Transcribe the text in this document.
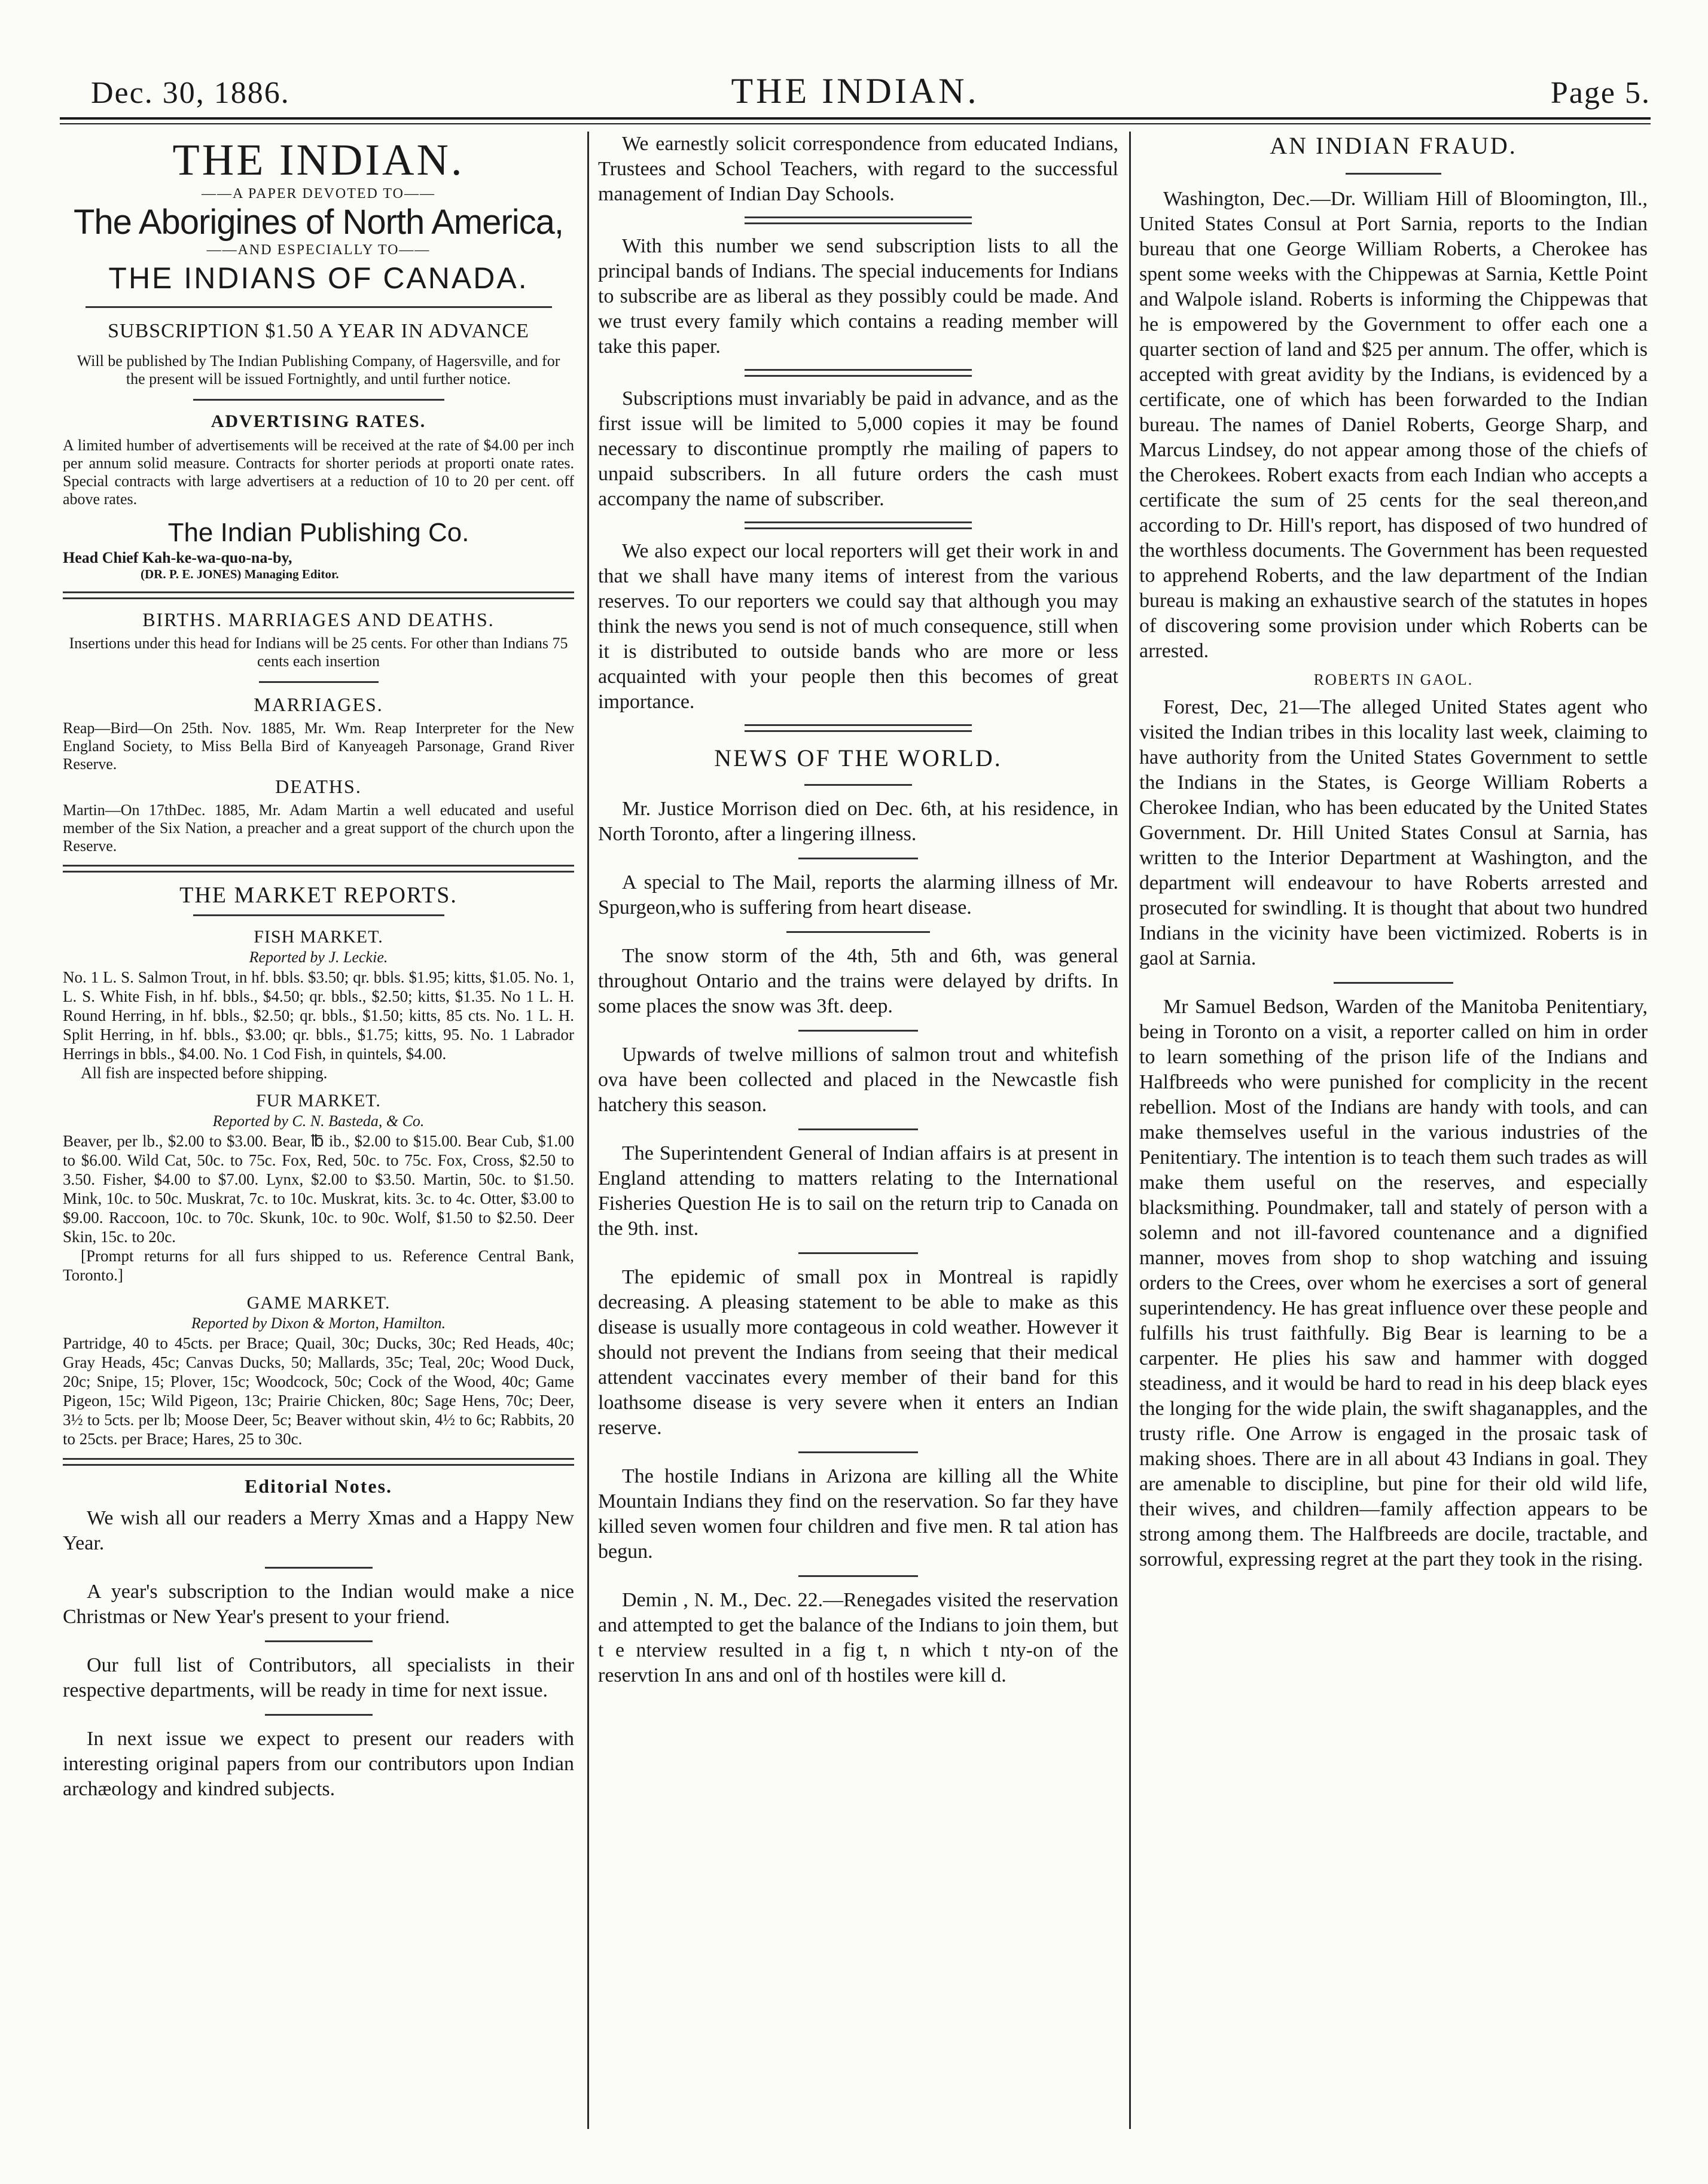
Dec. 30, 1886.	THE INDIAN.	Page 5.
THE INDIAN.
——A PAPER DEVOTED TO——
The Aborigines of North America,
——AND ESPECIALLY TO——
THE INDIANS OF CANADA.
SUBSCRIPTION $1.50 A YEAR IN ADVANCE

Will be published by The Indian Publishing Company, of Hagersville, and for the present will be issued Fortnightly, and until further notice.

ADVERTISING RATES.

A limited humber of advertisements will be received at the rate of $4.00 per inch per annum solid measure. Contracts for shorter periods at proporti onate rates. Special contracts with large advertisers at a reduction of 10 to 20 per cent. off above rates.

The Indian Publishing Co.
Head Chief Kah-ke-wa-quo-na-by,
(DR. P. E. JONES) Managing Editor.
BIRTHS. MARRIAGES AND DEATHS.

Insertions under this head for Indians will be 25 cents. For other than Indians 75 cents each insertion

MARRIAGES.

Reap—Bird—On 25th. Nov. 1885, Mr. Wm. Reap Interpreter for the New England Society, to Miss Bella Bird of Kanyeageh Parsonage, Grand River Reserve.

DEATHS.

Martin—On 17thDec. 1885, Mr. Adam Martin a well educated and useful member of the Six Nation, a preacher and a great support of the church upon the Reserve.

THE MARKET REPORTS.
FISH MARKET.
Reported by J. Leckie.

No. 1 L. S. Salmon Trout, in hf. bbls. $3.50; qr. bbls. $1.95; kitts, $1.05. No. 1, L. S. White Fish, in hf. bbls., $4.50; qr. bbls., $2.50; kitts, $1.35. No 1 L. H. Round Herring, in hf. bbls., $2.50; qr. bbls., $1.50; kitts, 85 cts. No. 1 L. H. Split Herring, in hf. bbls., $3.00; qr. bbls., $1.75; kitts, 95. No. 1 Labrador Herrings in bbls., $4.00. No. 1 Cod Fish, in quintels, $4.00.

All fish are inspected before shipping.

FUR MARKET.
Reported by C. N. Basteda, & Co.

Beaver, per lb., $2.00 to $3.00. Bear, ℔ ib., $2.00 to $15.00. Bear Cub, $1.00 to $6.00. Wild Cat, 50c. to 75c. Fox, Red, 50c. to 75c. Fox, Cross, $2.50 to 3.50. Fisher, $4.00 to $7.00. Lynx, $2.00 to $3.50. Martin, 50c. to $1.50. Mink, 10c. to 50c. Muskrat, 7c. to 10c. Muskrat, kits. 3c. to 4c. Otter, $3.00 to $9.00. Raccoon, 10c. to 70c. Skunk, 10c. to 90c. Wolf, $1.50 to $2.50. Deer Skin, 15c. to 20c.

[Prompt returns for all furs shipped to us. Reference Central Bank, Toronto.]

GAME MARKET.
Reported by Dixon & Morton, Hamilton.

Partridge, 40 to 45cts. per Brace; Quail, 30c; Ducks, 30c; Red Heads, 40c; Gray Heads, 45c; Canvas Ducks, 50; Mallards, 35c; Teal, 20c; Wood Duck, 20c; Snipe, 15; Plover, 15c; Woodcock, 50c; Cock of the Wood, 40c; Game Pigeon, 15c; Wild Pigeon, 13c; Prairie Chicken, 80c; Sage Hens, 70c; Deer, 3½ to 5cts. per lb; Moose Deer, 5c; Beaver without skin, 4½ to 6c; Rabbits, 20 to 25cts. per Brace; Hares, 25 to 30c.

Editorial Notes.

We wish all our readers a Merry Xmas and a Happy New Year.

A year's subscription to the Indian would make a nice Christmas or New Year's present to your friend.

Our full list of Contributors, all specialists in their respective departments, will be ready in time for next issue.

In next issue we expect to present our readers with interesting original papers from our contributors upon Indian archæology and kindred subjects.

We earnestly solicit correspondence from educated Indians, Trustees and School Teachers, with regard to the successful management of Indian Day Schools.

With this number we send subscription lists to all the principal bands of Indians. The special inducements for Indians to subscribe are as liberal as they possibly could be made. And we trust every family which contains a reading member will take this paper.

Subscriptions must invariably be paid in advance, and as the first issue will be limited to 5,000 copies it may be found necessary to discontinue promptly rhe mailing of papers to unpaid subscribers. In all future orders the cash must accompany the name of subscriber.

We also expect our local reporters will get their work in and that we shall have many items of interest from the various reserves. To our reporters we could say that although you may think the news you send is not of much consequence, still when it is distributed to outside bands who are more or less acquainted with your people then this becomes of great importance.

NEWS OF THE WORLD.

Mr. Justice Morrison died on Dec. 6th, at his residence, in North Toronto, after a lingering illness.

A special to The Mail, reports the alarming illness of Mr. Spurgeon,who is suffering from heart disease.

The snow storm of the 4th, 5th and 6th, was general throughout Ontario and the trains were delayed by drifts. In some places the snow was 3ft. deep.

Upwards of twelve millions of salmon trout and whitefish ova have been collected and placed in the Newcastle fish hatchery this season.

The Superintendent General of Indian affairs is at present in England attending to matters relating to the International Fisheries Question He is to sail on the return trip to Canada on the 9th. inst.

The epidemic of small pox in Montreal is rapidly decreasing. A pleasing statement to be able to make as this disease is usually more contageous in cold weather. However it should not prevent the Indians from seeing that their medical attendent vaccinates every member of their band for this loathsome disease is very severe when it enters an Indian reserve.

The hostile Indians in Arizona are killing all the White Mountain Indians they find on the reservation. So far they have killed seven women four children and five men. R tal ation has begun.

Demin , N. M., Dec. 22.—Renegades visited the reservation and attempted to get the balance of the Indians to join them, but t e nterview resulted in a fig t, n which t nty-on of the reservtion In ans and onl of th hostiles were kill d.

AN INDIAN FRAUD.

Washington, Dec.—Dr. William Hill of Bloomington, Ill., United States Consul at Port Sarnia, reports to the Indian bureau that one George William Roberts, a Cherokee has spent some weeks with the Chippewas at Sarnia, Kettle Point and Walpole island. Roberts is informing the Chippewas that he is empowered by the Government to offer each one a quarter section of land and $25 per annum. The offer, which is accepted with great avidity by the Indians, is evidenced by a certificate, one of which has been forwarded to the Indian bureau. The names of Daniel Roberts, George Sharp, and Marcus Lindsey, do not appear among those of the chiefs of the Cherokees. Robert exacts from each Indian who accepts a certificate the sum of 25 cents for the seal thereon,and according to Dr. Hill's report, has disposed of two hundred of the worthless documents. The Government has been requested to apprehend Roberts, and the law department of the Indian bureau is making an exhaustive search of the statutes in hopes of discovering some provision under which Roberts can be arrested.

ROBERTS IN GAOL.

Forest, Dec, 21—The alleged United States agent who visited the Indian tribes in this locality last week, claiming to have authority from the United States Government to settle the Indians in the States, is George William Roberts a Cherokee Indian, who has been educated by the United States Government. Dr. Hill United States Consul at Sarnia, has written to the Interior Department at Washington, and the department will endeavour to have Roberts arrested and prosecuted for swindling. It is thought that about two hundred Indians in the vicinity have been victimized. Roberts is in gaol at Sarnia.

Mr Samuel Bedson, Warden of the Manitoba Penitentiary, being in Toronto on a visit, a reporter called on him in order to learn something of the prison life of the Indians and Halfbreeds who were punished for complicity in the recent rebellion. Most of the Indians are handy with tools, and can make themselves useful in the various industries of the Penitentiary. The intention is to teach them such trades as will make them useful on the reserves, and especially blacksmithing. Poundmaker, tall and stately of person with a solemn and not ill-favored countenance and a dignified manner, moves from shop to shop watching and issuing orders to the Crees, over whom he exercises a sort of general superintendency. He has great influence over these people and fulfills his trust faithfully. Big Bear is learning to be a carpenter. He plies his saw and hammer with dogged steadiness, and it would be hard to read in his deep black eyes the longing for the wide plain, the swift shaganapples, and the trusty rifle. One Arrow is engaged in the prosaic task of making shoes. There are in all about 43 Indians in goal. They are amenable to discipline, but pine for their old wild life, their wives, and children—family affection appears to be strong among them. The Halfbreeds are docile, tractable, and sorrowful, expressing regret at the part they took in the rising.
